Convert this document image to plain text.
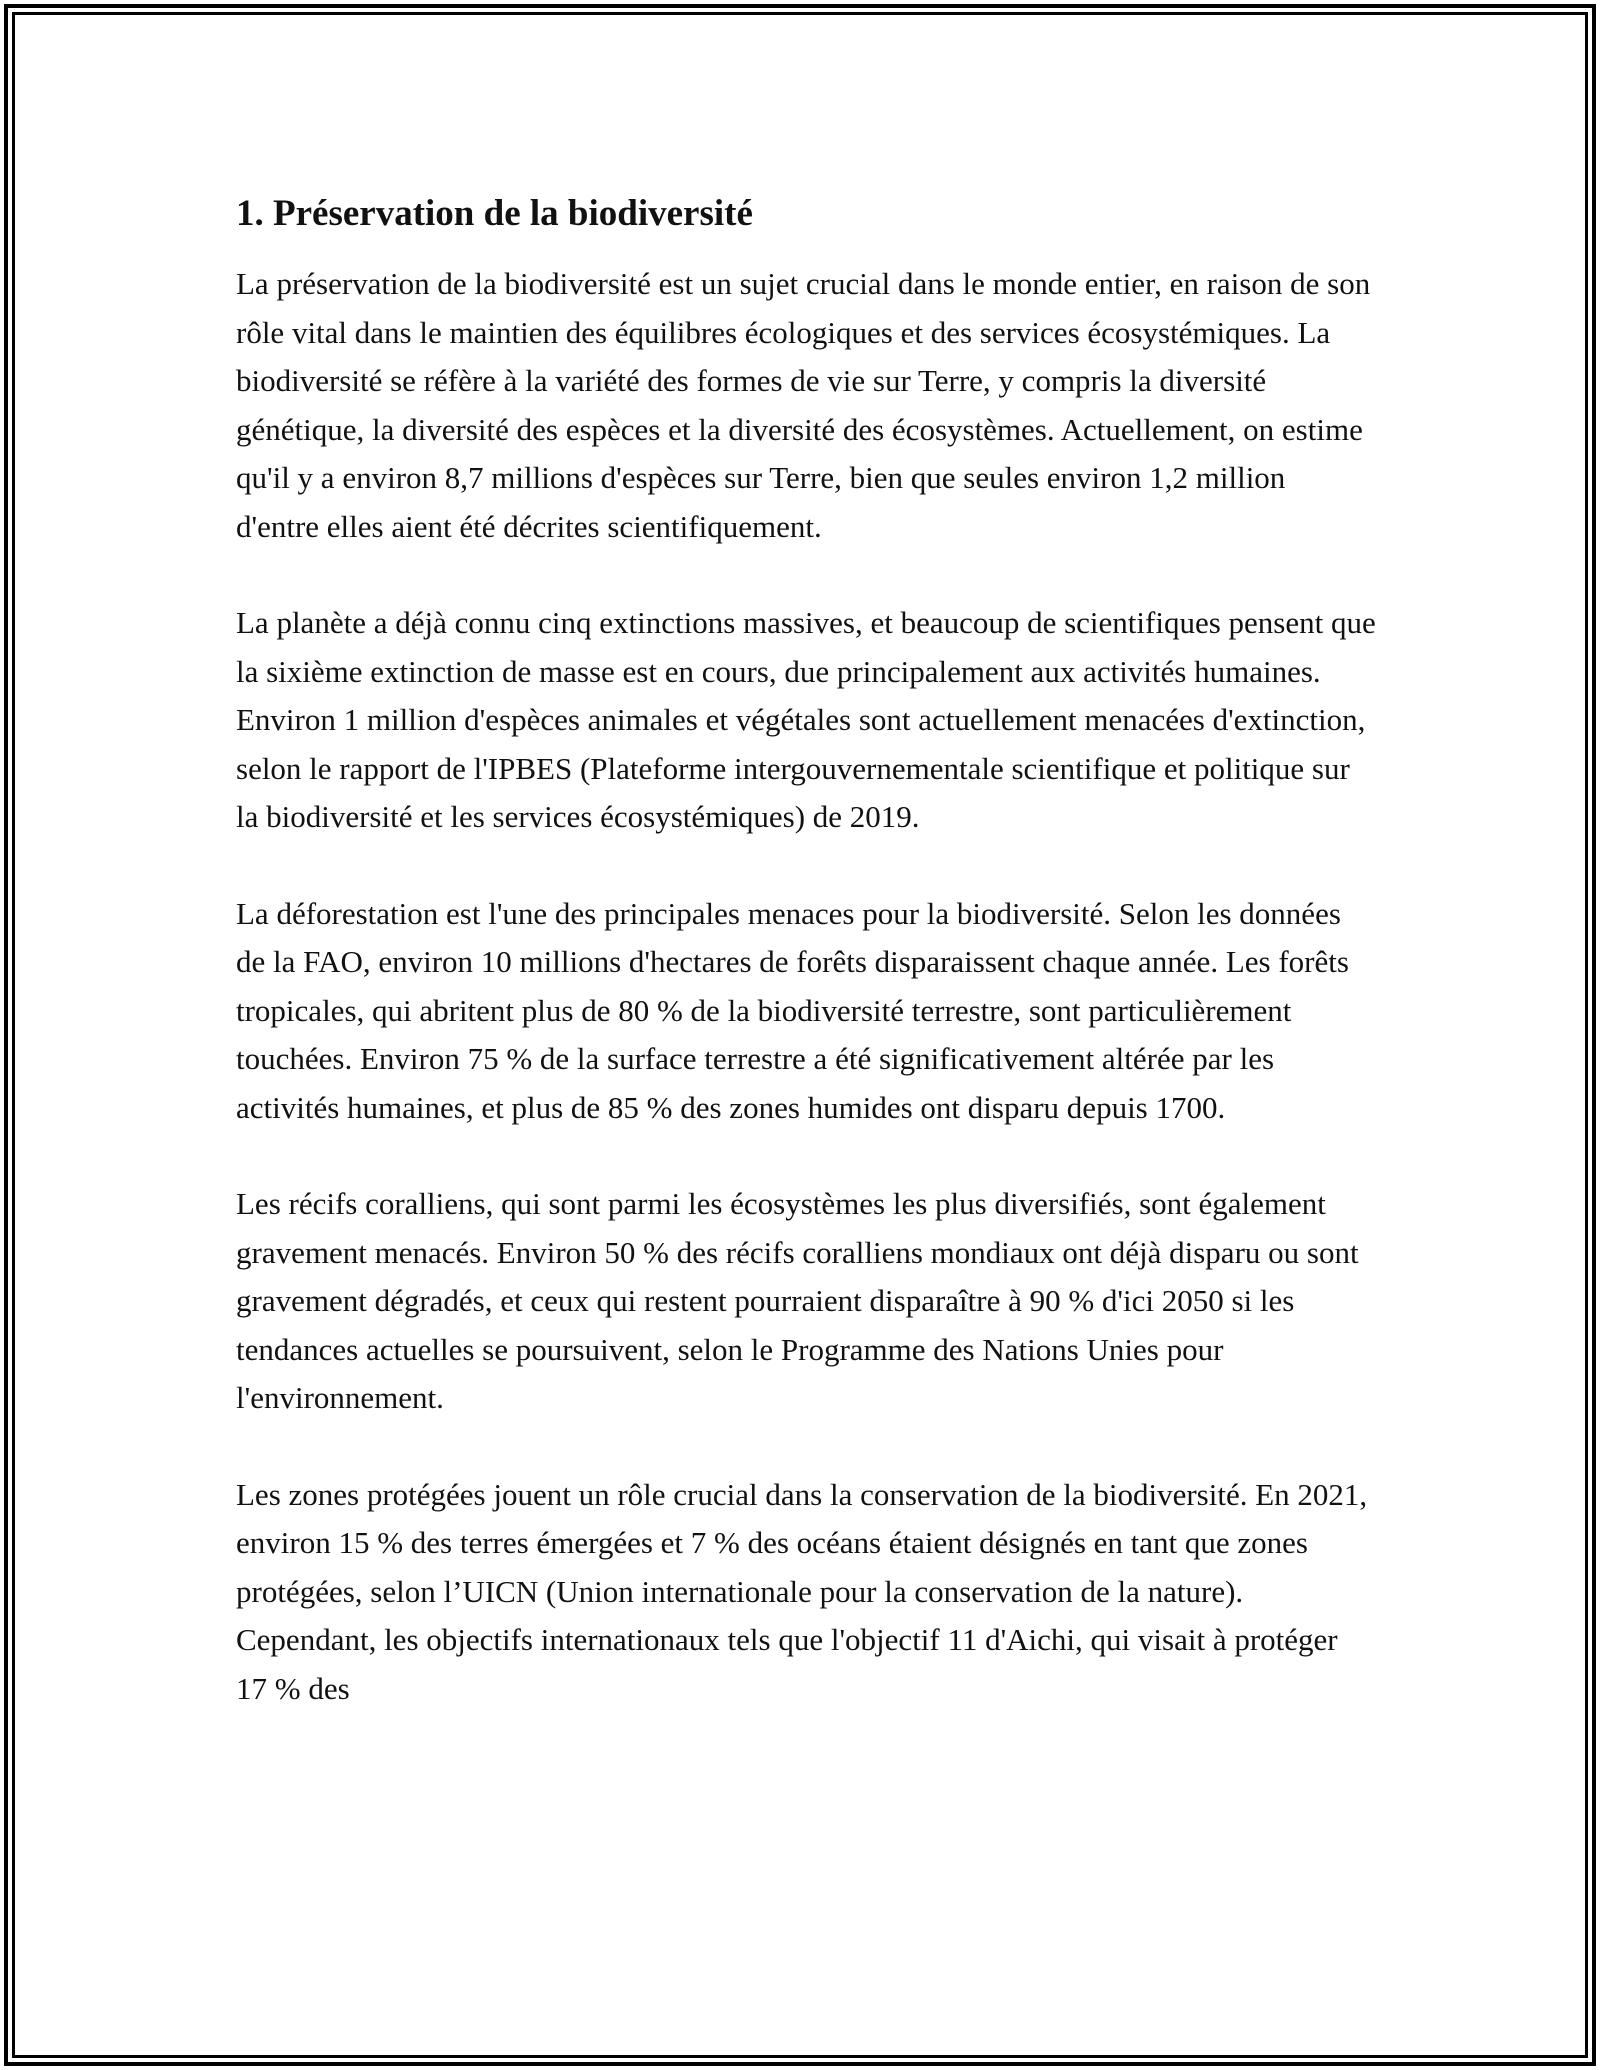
1. Préservation de la biodiversité

La préservation de la biodiversité est un sujet crucial dans le monde entier, en raison de son rôle vital dans le maintien des équilibres écologiques et des services écosystémiques. La biodiversité se réfère à la variété des formes de vie sur Terre, y compris la diversité génétique, la diversité des espèces et la diversité des écosystèmes. Actuellement, on estime qu'il y a environ 8,7 millions d'espèces sur Terre, bien que seules environ 1,2 million d'entre elles aient été décrites scientifiquement.

La planète a déjà connu cinq extinctions massives, et beaucoup de scientifiques pensent que la sixième extinction de masse est en cours, due principalement aux activités humaines. Environ 1 million d'espèces animales et végétales sont actuellement menacées d'extinction, selon le rapport de l'IPBES (Plateforme intergouvernementale scientifique et politique sur la biodiversité et les services écosystémiques) de 2019.

La déforestation est l'une des principales menaces pour la biodiversité. Selon les données de la FAO, environ 10 millions d'hectares de forêts disparaissent chaque année. Les forêts tropicales, qui abritent plus de 80 % de la biodiversité terrestre, sont particulièrement touchées. Environ 75 % de la surface terrestre a été significativement altérée par les activités humaines, et plus de 85 % des zones humides ont disparu depuis 1700.

Les récifs coralliens, qui sont parmi les écosystèmes les plus diversifiés, sont également gravement menacés. Environ 50 % des récifs coralliens mondiaux ont déjà disparu ou sont gravement dégradés, et ceux qui restent pourraient disparaître à 90 % d'ici 2050 si les tendances actuelles se poursuivent, selon le Programme des Nations Unies pour l'environnement.

Les zones protégées jouent un rôle crucial dans la conservation de la biodiversité. En 2021, environ 15 % des terres émergées et 7 % des océans étaient désignés en tant que zones protégées, selon l’UICN (Union internationale pour la conservation de la nature). Cependant, les objectifs internationaux tels que l'objectif 11 d'Aichi, qui visait à protéger 17 % des
